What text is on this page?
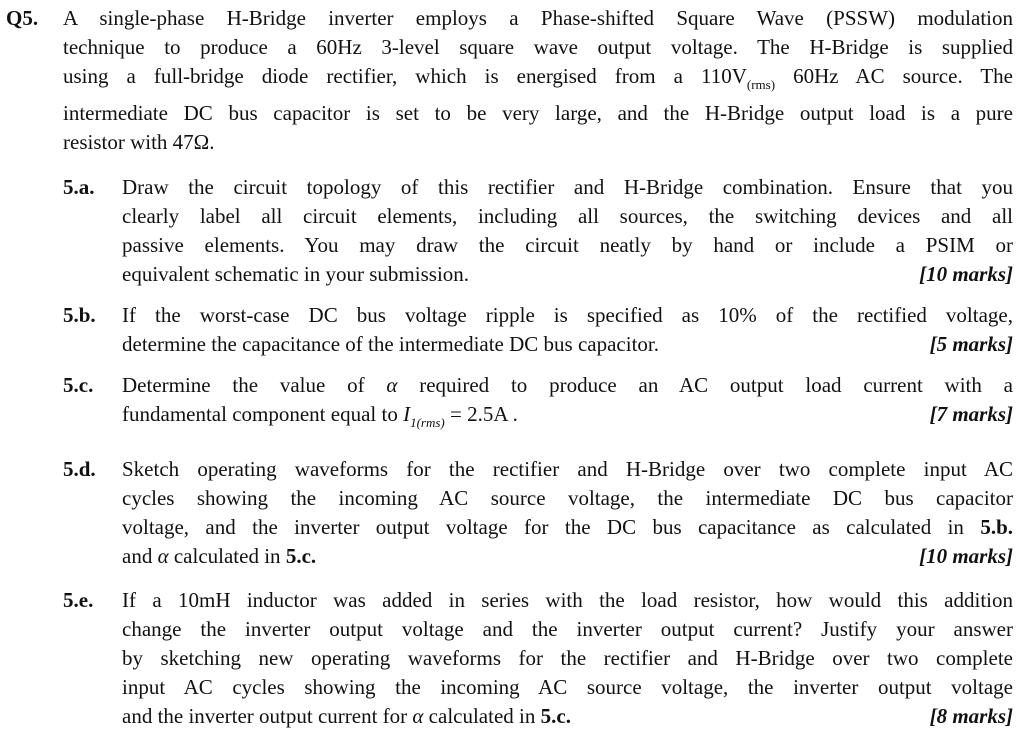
Q5. A single-phase H-Bridge inverter employs a Phase-shifted Square Wave (PSSW) modulation
technique to produce a 60Hz 3-level square wave output voltage. The H-Bridge is supplied
using a full-bridge diode rectifier, which is energised from a $110V_{(rms)}$ 60Hz AC source. The
intermediate DC bus capacitor is set to be very large, and the H-Bridge output load is a pure
resistor with 47Ω.
5.a. Draw the circuit topology of this rectifier and H-Bridge combination. Ensure that you
clearly label all circuit elements, including all sources, the switching devices and all
passive elements. You may draw the circuit neatly by hand or include a PSIM or
equivalent schematic in your submission.	[10 marks]
5.b. If the worst-case DC bus voltage ripple is specified as 10% of the rectified voltage,
determine the capacitance of the intermediate DC bus capacitor.	[5 marks]
5.c. Determine the value of α required to produce an AC output load current with a
fundamental component equal to $I_{1(rms)} = 2.5A$ .	[7 marks]
5.d. Sketch operating waveforms for the rectifier and H-Bridge over two complete input AC
cycles showing the incoming AC source voltage, the intermediate DC bus capacitor
voltage, and the inverter output voltage for the DC bus capacitance as calculated in 5.b.
and α calculated in 5.c.	[10 marks]
5.e. If a 10mH inductor was added in series with the load resistor, how would this addition
change the inverter output voltage and the inverter output current? Justify your answer
by sketching new operating waveforms for the rectifier and H-Bridge over two complete
input AC cycles showing the incoming AC source voltage, the inverter output voltage
and the inverter output current for α calculated in 5.c.	[8 marks]
